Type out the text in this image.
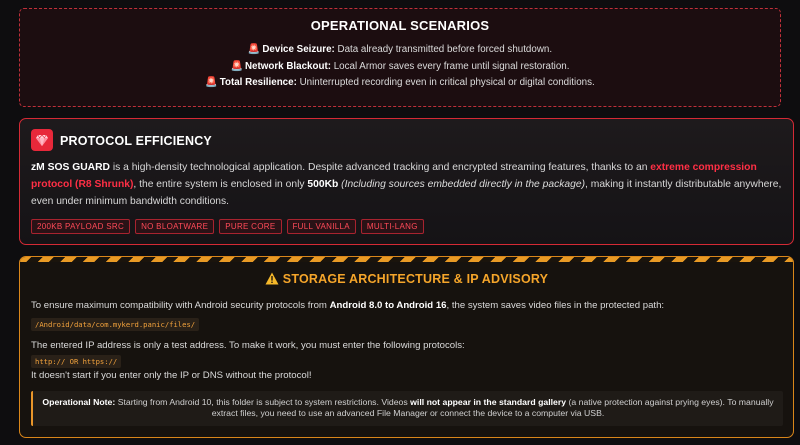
OPERATIONAL SCENARIOS
🚨 Device Seizure: Data already transmitted before forced shutdown.
🚨 Network Blackout: Local Armor saves every frame until signal restoration.
🚨 Total Resilience: Uninterrupted recording even in critical physical or digital conditions.
PROTOCOL EFFICIENCY

zM SOS GUARD is a high-density technological application. Despite advanced tracking and encrypted streaming features, thanks to an extreme compression protocol (R8 Shrunk), the entire system is enclosed in only 500Kb (Including sources embedded directly in the package), making it instantly distributable anywhere, even under minimum bandwidth conditions.

200KB PAYLOAD SRC	NO BLOATWARE	PURE CORE	FULL VANILLA	MULTI-LANG
STORAGE ARCHITECTURE & IP ADVISORY

To ensure maximum compatibility with Android security protocols from Android 8.0 to Android 16, the system saves video files in the protected path:

/Android/data/com.mykerd.panic/files/

The entered IP address is only a test address. To make it work, you must enter the following protocols:

http:// OR https://

It doesn't start if you enter only the IP or DNS without the protocol!

Operational Note: Starting from Android 10, this folder is subject to system restrictions. Videos will not appear in the standard gallery (a native protection against prying eyes). To manually extract files, you need to use an advanced File Manager or connect the device to a computer via USB.
